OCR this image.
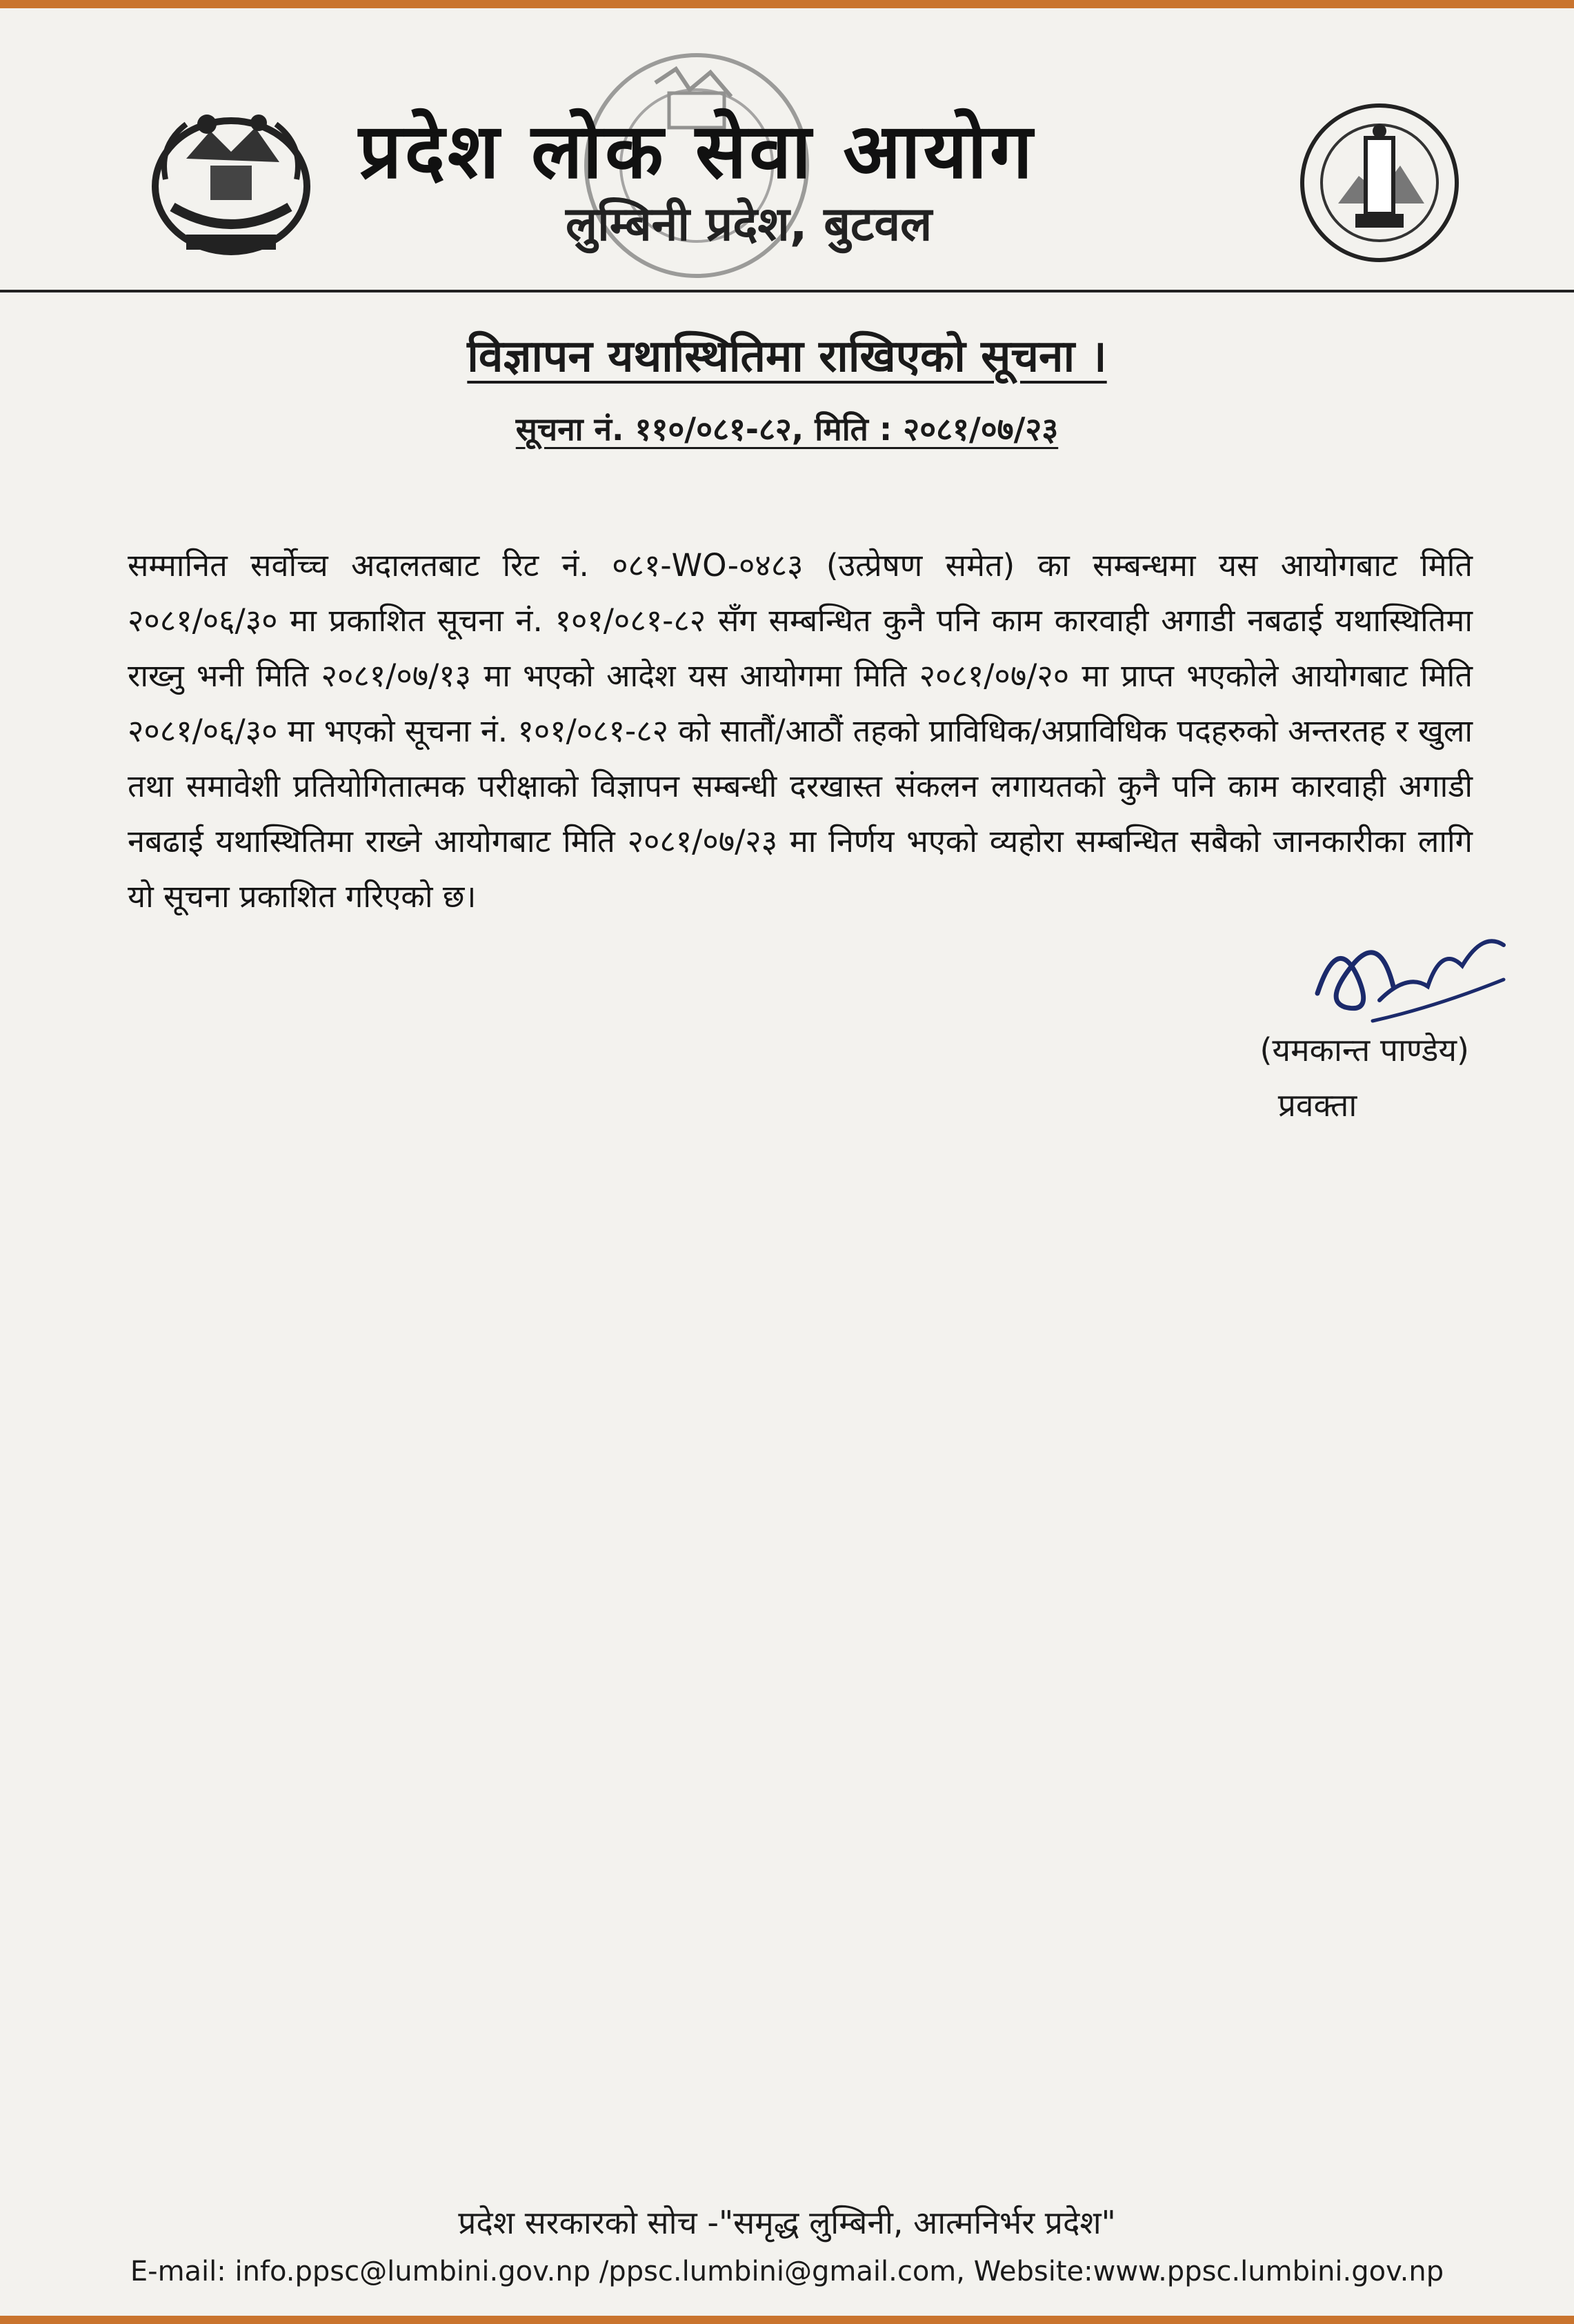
प्रदेश लोक सेवा आयोग
लुम्बिनी प्रदेश, बुटवल
विज्ञापन यथास्थितिमा राखिएको सूचना ।
सूचना नं. ११०/०८१-८२, मिति : २०८१/०७/२३
सम्मानित सर्वोच्च अदालतबाट रिट नं. ०८१-WO-०४८३ (उत्प्रेषण समेत) का सम्बन्धमा यस आयोगबाट मिति २०८१/०६/३० मा प्रकाशित सूचना नं. १०१/०८१-८२ सँग सम्बन्धित कुनै पनि काम कारवाही अगाडी नबढाई यथास्थितिमा राख्नु भनी मिति २०८१/०७/१३ मा भएको आदेश यस आयोगमा मिति २०८१/०७/२० मा प्राप्त भएकोले आयोगबाट मिति २०८१/०६/३० मा भएको सूचना नं. १०१/०८१-८२ को सातौं/आठौं तहको प्राविधिक/अप्राविधिक पदहरुको अन्तरतह र खुला तथा समावेशी प्रतियोगितात्मक परीक्षाको विज्ञापन सम्बन्धी दरखास्त संकलन लगायतको कुनै पनि काम कारवाही अगाडी नबढाई यथास्थितिमा राख्ने आयोगबाट मिति २०८१/०७/२३ मा निर्णय भएको व्यहोरा सम्बन्धित सबैको जानकारीका लागि यो सूचना प्रकाशित गरिएको छ।
(यमकान्त पाण्डेय)
प्रवक्ता
प्रदेश सरकारको सोच -"समृद्ध लुम्बिनी, आत्मनिर्भर प्रदेश"
E-mail: info.ppsc@lumbini.gov.np /ppsc.lumbini@gmail.com, Website:www.ppsc.lumbini.gov.np
